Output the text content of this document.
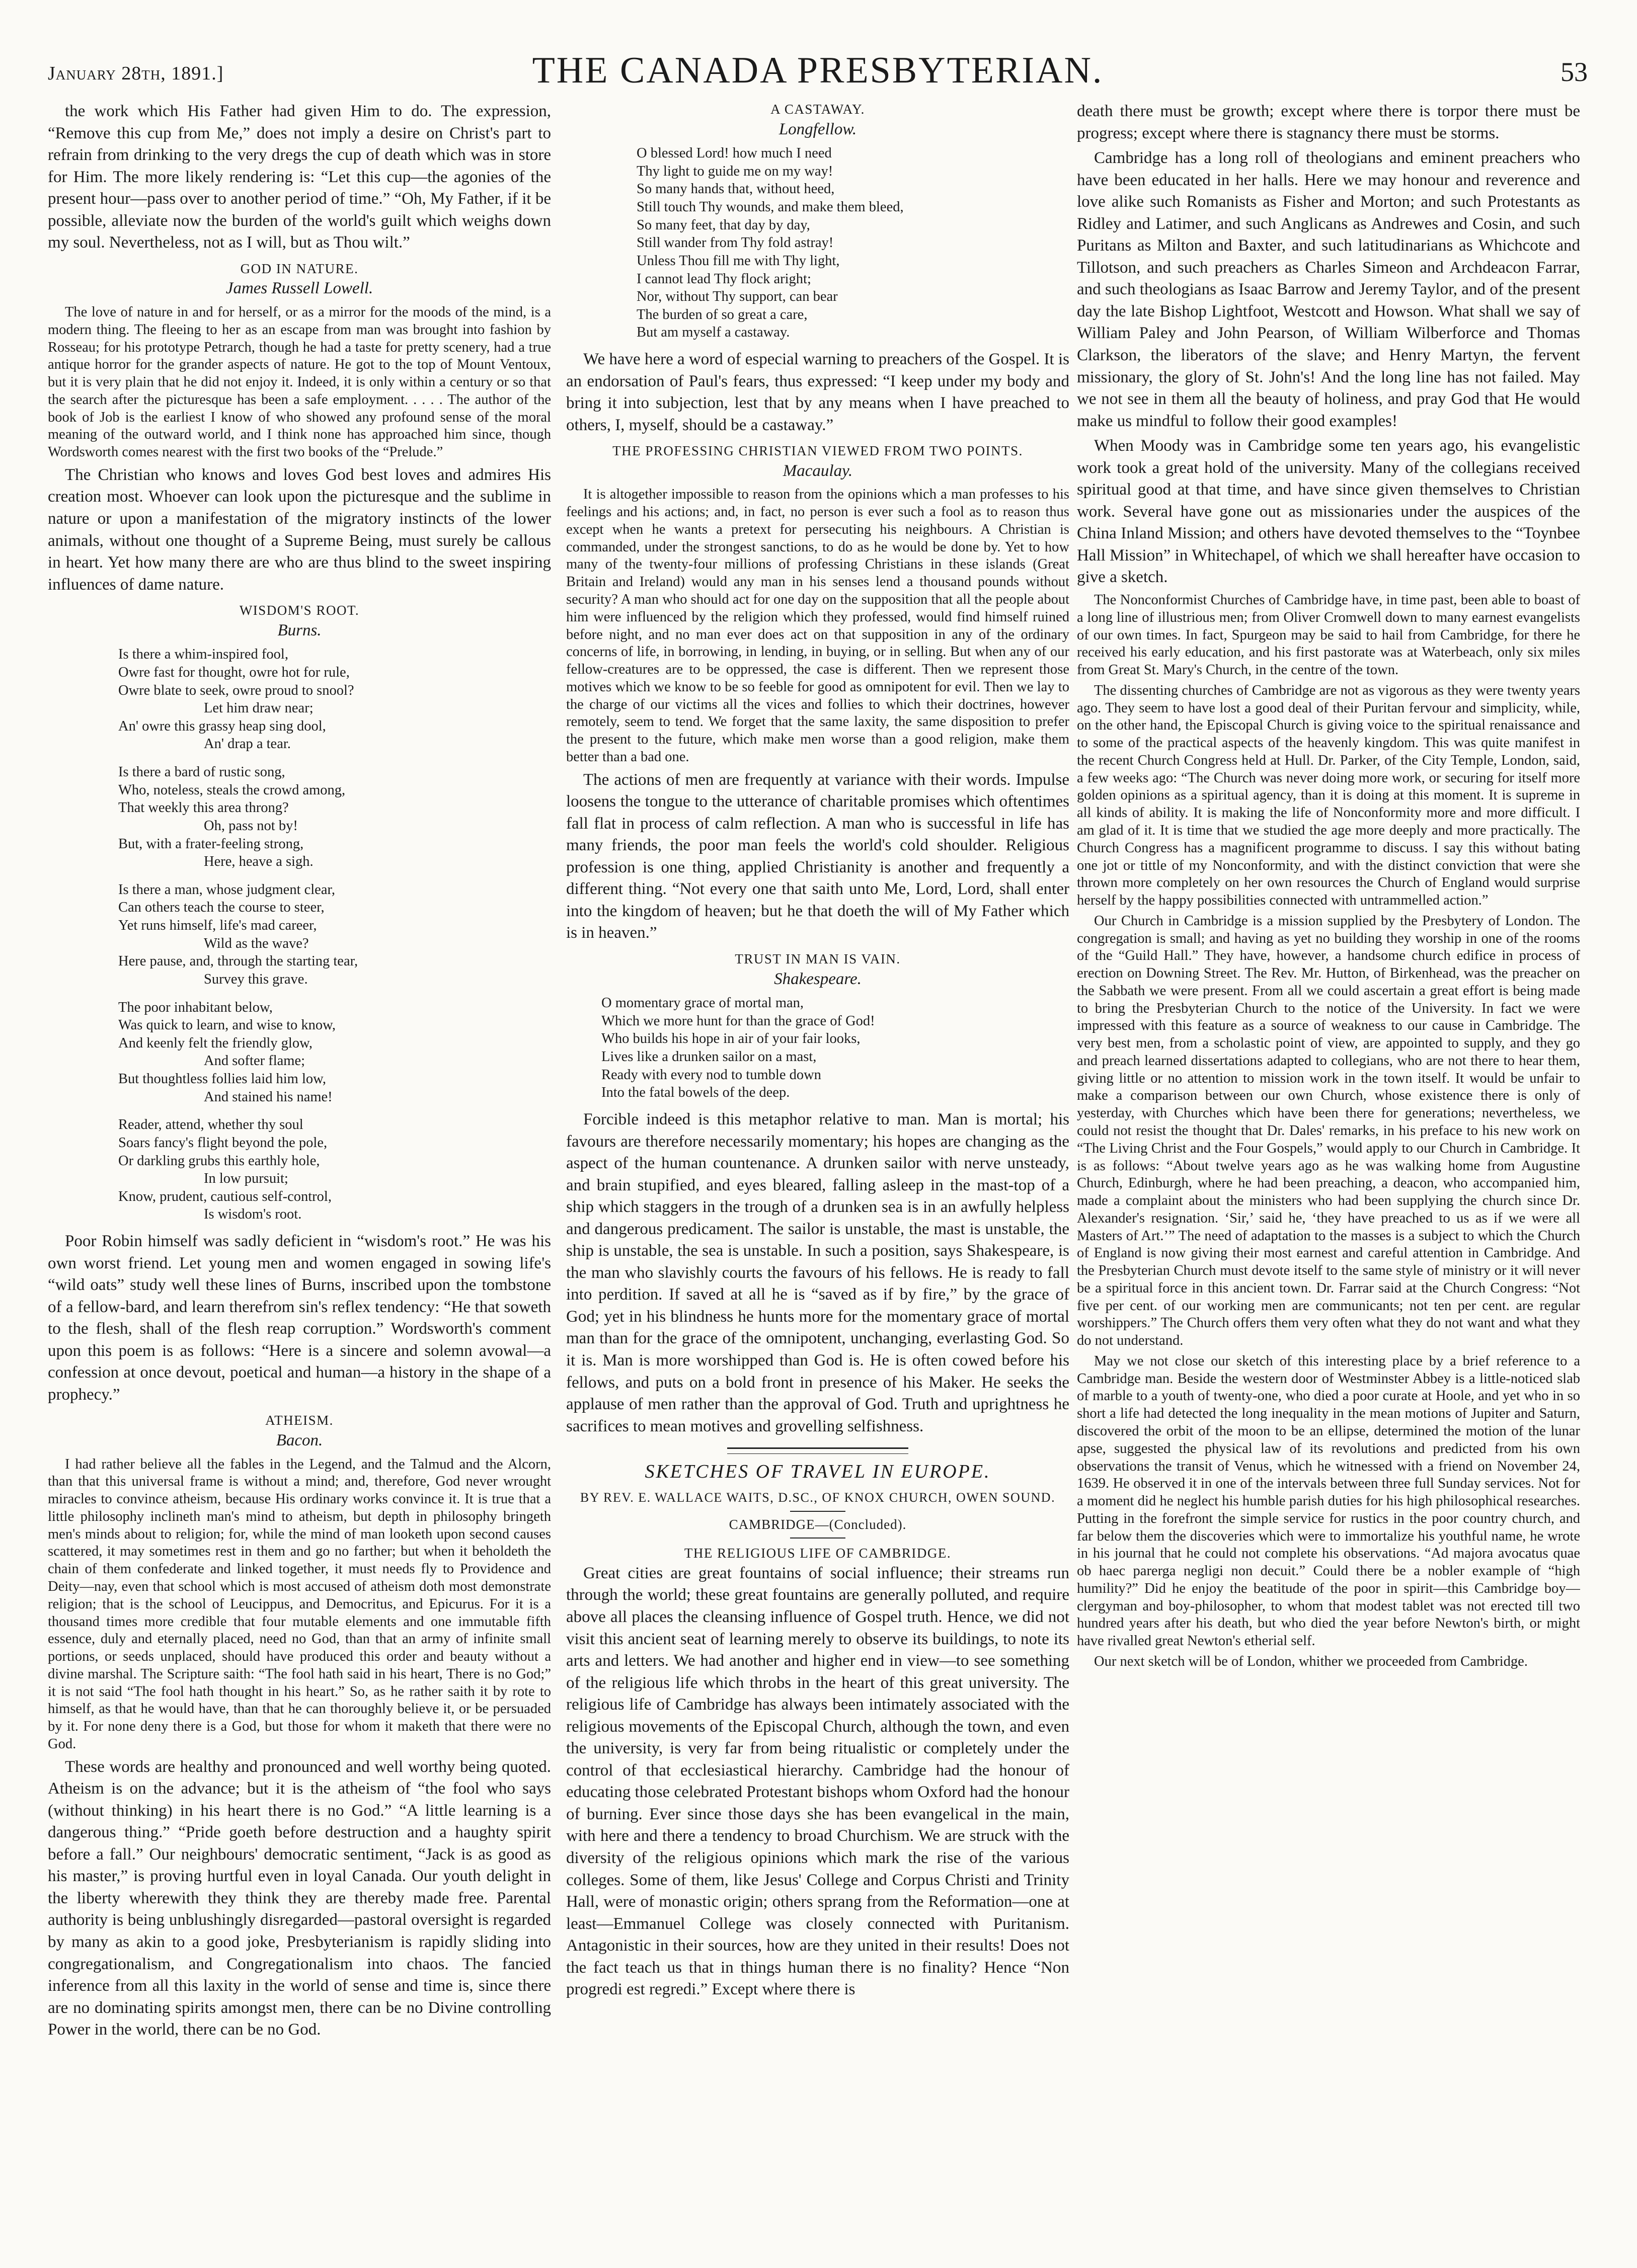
January 28th, 1891.]	THE CANADA PRESBYTERIAN.	53

the work which His Father had given Him to do. The expression, “Remove this cup from Me,” does not imply a desire on Christ's part to refrain from drinking to the very dregs the cup of death which was in store for Him. The more likely rendering is: “Let this cup—the agonies of the present hour—pass over to another period of time.” “Oh, My Father, if it be possible, alleviate now the burden of the world's guilt which weighs down my soul. Nevertheless, not as I will, but as Thou wilt.”

GOD IN NATURE.

James Russell Lowell.

The love of nature in and for herself, or as a mirror for the moods of the mind, is a modern thing. The fleeing to her as an escape from man was brought into fashion by Rosseau; for his prototype Petrarch, though he had a taste for pretty scenery, had a true antique horror for the grander aspects of nature. He got to the top of Mount Ventoux, but it is very plain that he did not enjoy it. Indeed, it is only within a century or so that the search after the picturesque has been a safe employment. . . . . The author of the book of Job is the earliest I know of who showed any profound sense of the moral meaning of the outward world, and I think none has approached him since, though Wordsworth comes nearest with the first two books of the “Prelude.”

The Christian who knows and loves God best loves and admires His creation most. Whoever can look upon the picturesque and the sublime in nature or upon a manifestation of the migratory instincts of the lower animals, without one thought of a Supreme Being, must surely be callous in heart. Yet how many there are who are thus blind to the sweet inspiring influences of dame nature.

WISDOM'S ROOT.

Burns.

Is there a whim-inspired fool,
Owre fast for thought, owre hot for rule,
Owre blate to seek, owre proud to snool?
Let him draw near;
An' owre this grassy heap sing dool,
An' drap a tear.
Is there a bard of rustic song,
Who, noteless, steals the crowd among,
That weekly this area throng?
Oh, pass not by!
But, with a frater-feeling strong,
Here, heave a sigh.
Is there a man, whose judgment clear,
Can others teach the course to steer,
Yet runs himself, life's mad career,
Wild as the wave?
Here pause, and, through the starting tear,
Survey this grave.
The poor inhabitant below,
Was quick to learn, and wise to know,
And keenly felt the friendly glow,
And softer flame;
But thoughtless follies laid him low,
And stained his name!
Reader, attend, whether thy soul
Soars fancy's flight beyond the pole,
Or darkling grubs this earthly hole,
In low pursuit;
Know, prudent, cautious self-control,
Is wisdom's root.

Poor Robin himself was sadly deficient in “wisdom's root.” He was his own worst friend. Let young men and women engaged in sowing life's “wild oats” study well these lines of Burns, inscribed upon the tombstone of a fellow-bard, and learn therefrom sin's reflex tendency: “He that soweth to the flesh, shall of the flesh reap corruption.” Wordsworth's comment upon this poem is as follows: “Here is a sincere and solemn avowal—a confession at once devout, poetical and human—a history in the shape of a prophecy.”

ATHEISM.

Bacon.

I had rather believe all the fables in the Legend, and the Talmud and the Alcorn, than that this universal frame is without a mind; and, therefore, God never wrought miracles to convince atheism, because His ordinary works convince it. It is true that a little philosophy inclineth man's mind to atheism, but depth in philosophy bringeth men's minds about to religion; for, while the mind of man looketh upon second causes scattered, it may sometimes rest in them and go no farther; but when it beholdeth the chain of them confederate and linked together, it must needs fly to Providence and Deity—nay, even that school which is most accused of atheism doth most demonstrate religion; that is the school of Leucippus, and Democritus, and Epicurus. For it is a thousand times more credible that four mutable elements and one immutable fifth essence, duly and eternally placed, need no God, than that an army of infinite small portions, or seeds unplaced, should have produced this order and beauty without a divine marshal. The Scripture saith: “The fool hath said in his heart, There is no God;” it is not said “The fool hath thought in his heart.” So, as he rather saith it by rote to himself, as that he would have, than that he can thoroughly believe it, or be persuaded by it. For none deny there is a God, but those for whom it maketh that there were no God.

These words are healthy and pronounced and well worthy being quoted. Atheism is on the advance; but it is the atheism of “the fool who says (without thinking) in his heart there is no God.” “A little learning is a dangerous thing.” “Pride goeth before destruction and a haughty spirit before a fall.” Our neighbours' democratic sentiment, “Jack is as good as his master,” is proving hurtful even in loyal Canada. Our youth delight in the liberty wherewith they think they are thereby made free. Parental authority is being unblushingly disregarded—pastoral oversight is regarded by many as akin to a good joke, Presbyterianism is rapidly sliding into congregationalism, and Congregationalism into chaos. The fancied inference from all this laxity in the world of sense and time is, since there are no dominating spirits amongst men, there can be no Divine controlling Power in the world, there can be no God.

A CASTAWAY.

Longfellow.

O blessed Lord! how much I need
Thy light to guide me on my way!
So many hands that, without heed,
Still touch Thy wounds, and make them bleed,
So many feet, that day by day,
Still wander from Thy fold astray!
Unless Thou fill me with Thy light,
I cannot lead Thy flock aright;
Nor, without Thy support, can bear
The burden of so great a care,
But am myself a castaway.

We have here a word of especial warning to preachers of the Gospel. It is an endorsation of Paul's fears, thus expressed: “I keep under my body and bring it into subjection, lest that by any means when I have preached to others, I, myself, should be a castaway.”

THE PROFESSING CHRISTIAN VIEWED FROM TWO POINTS.

Macaulay.

It is altogether impossible to reason from the opinions which a man professes to his feelings and his actions; and, in fact, no person is ever such a fool as to reason thus except when he wants a pretext for persecuting his neighbours. A Christian is commanded, under the strongest sanctions, to do as he would be done by. Yet to how many of the twenty-four millions of professing Christians in these islands (Great Britain and Ireland) would any man in his senses lend a thousand pounds without security? A man who should act for one day on the supposition that all the people about him were influenced by the religion which they professed, would find himself ruined before night, and no man ever does act on that supposition in any of the ordinary concerns of life, in borrowing, in lending, in buying, or in selling. But when any of our fellow-creatures are to be oppressed, the case is different. Then we represent those motives which we know to be so feeble for good as omnipotent for evil. Then we lay to the charge of our victims all the vices and follies to which their doctrines, however remotely, seem to tend. We forget that the same laxity, the same disposition to prefer the present to the future, which make men worse than a good religion, make them better than a bad one.

The actions of men are frequently at variance with their words. Impulse loosens the tongue to the utterance of charitable promises which oftentimes fall flat in process of calm reflection. A man who is successful in life has many friends, the poor man feels the world's cold shoulder. Religious profession is one thing, applied Christianity is another and frequently a different thing. “Not every one that saith unto Me, Lord, Lord, shall enter into the kingdom of heaven; but he that doeth the will of My Father which is in heaven.”

TRUST IN MAN IS VAIN.

Shakespeare.

O momentary grace of mortal man,
Which we more hunt for than the grace of God!
Who builds his hope in air of your fair looks,
Lives like a drunken sailor on a mast,
Ready with every nod to tumble down
Into the fatal bowels of the deep.

Forcible indeed is this metaphor relative to man. Man is mortal; his favours are therefore necessarily momentary; his hopes are changing as the aspect of the human countenance. A drunken sailor with nerve unsteady, and brain stupified, and eyes bleared, falling asleep in the mast-top of a ship which staggers in the trough of a drunken sea is in an awfully helpless and dangerous predicament. The sailor is unstable, the mast is unstable, the ship is unstable, the sea is unstable. In such a position, says Shakespeare, is the man who slavishly courts the favours of his fellows. He is ready to fall into perdition. If saved at all he is “saved as if by fire,” by the grace of God; yet in his blindness he hunts more for the momentary grace of mortal man than for the grace of the omnipotent, unchanging, everlasting God. So it is. Man is more worshipped than God is. He is often cowed before his fellows, and puts on a bold front in presence of his Maker. He seeks the applause of men rather than the approval of God. Truth and uprightness he sacrifices to mean motives and grovelling selfishness.

SKETCHES OF TRAVEL IN EUROPE.

BY REV. E. WALLACE WAITS, D.SC., OF KNOX CHURCH, OWEN SOUND.

CAMBRIDGE—(Concluded).

THE RELIGIOUS LIFE OF CAMBRIDGE.

Great cities are great fountains of social influence; their streams run through the world; these great fountains are generally polluted, and require above all places the cleansing influence of Gospel truth. Hence, we did not visit this ancient seat of learning merely to observe its buildings, to note its arts and letters. We had another and higher end in view—to see something of the religious life which throbs in the heart of this great university. The religious life of Cambridge has always been intimately associated with the religious movements of the Episcopal Church, although the town, and even the university, is very far from being ritualistic or completely under the control of that ecclesiastical hierarchy. Cambridge had the honour of educating those celebrated Protestant bishops whom Oxford had the honour of burning. Ever since those days she has been evangelical in the main, with here and there a tendency to broad Churchism. We are struck with the diversity of the religious opinions which mark the rise of the various colleges. Some of them, like Jesus' College and Corpus Christi and Trinity Hall, were of monastic origin; others sprang from the Reformation—one at least—Emmanuel College was closely connected with Puritanism. Antagonistic in their sources, how are they united in their results! Does not the fact teach us that in things human there is no finality? Hence “Non progredi est regredi.” Except where there is

death there must be growth; except where there is torpor there must be progress; except where there is stagnancy there must be storms.

Cambridge has a long roll of theologians and eminent preachers who have been educated in her halls. Here we may honour and reverence and love alike such Romanists as Fisher and Morton; and such Protestants as Ridley and Latimer, and such Anglicans as Andrewes and Cosin, and such Puritans as Milton and Baxter, and such latitudinarians as Whichcote and Tillotson, and such preachers as Charles Simeon and Archdeacon Farrar, and such theologians as Isaac Barrow and Jeremy Taylor, and of the present day the late Bishop Lightfoot, Westcott and Howson. What shall we say of William Paley and John Pearson, of William Wilberforce and Thomas Clarkson, the liberators of the slave; and Henry Martyn, the fervent missionary, the glory of St. John's! And the long line has not failed. May we not see in them all the beauty of holiness, and pray God that He would make us mindful to follow their good examples!

When Moody was in Cambridge some ten years ago, his evangelistic work took a great hold of the university. Many of the collegians received spiritual good at that time, and have since given themselves to Christian work. Several have gone out as missionaries under the auspices of the China Inland Mission; and others have devoted themselves to the “Toynbee Hall Mission” in Whitechapel, of which we shall hereafter have occasion to give a sketch.

The Nonconformist Churches of Cambridge have, in time past, been able to boast of a long line of illustrious men; from Oliver Cromwell down to many earnest evangelists of our own times. In fact, Spurgeon may be said to hail from Cambridge, for there he received his early education, and his first pastorate was at Waterbeach, only six miles from Great St. Mary's Church, in the centre of the town.

The dissenting churches of Cambridge are not as vigorous as they were twenty years ago. They seem to have lost a good deal of their Puritan fervour and simplicity, while, on the other hand, the Episcopal Church is giving voice to the spiritual renaissance and to some of the practical aspects of the heavenly kingdom. This was quite manifest in the recent Church Congress held at Hull. Dr. Parker, of the City Temple, London, said, a few weeks ago: “The Church was never doing more work, or securing for itself more golden opinions as a spiritual agency, than it is doing at this moment. It is supreme in all kinds of ability. It is making the life of Nonconformity more and more difficult. I am glad of it. It is time that we studied the age more deeply and more practically. The Church Congress has a magnificent programme to discuss. I say this without bating one jot or tittle of my Nonconformity, and with the distinct conviction that were she thrown more completely on her own resources the Church of England would surprise herself by the happy possibilities connected with untrammelled action.”

Our Church in Cambridge is a mission supplied by the Presbytery of London. The congregation is small; and having as yet no building they worship in one of the rooms of the “Guild Hall.” They have, however, a handsome church edifice in process of erection on Downing Street. The Rev. Mr. Hutton, of Birkenhead, was the preacher on the Sabbath we were present. From all we could ascertain a great effort is being made to bring the Presbyterian Church to the notice of the University. In fact we were impressed with this feature as a source of weakness to our cause in Cambridge. The very best men, from a scholastic point of view, are appointed to supply, and they go and preach learned dissertations adapted to collegians, who are not there to hear them, giving little or no attention to mission work in the town itself. It would be unfair to make a comparison between our own Church, whose existence there is only of yesterday, with Churches which have been there for generations; nevertheless, we could not resist the thought that Dr. Dales' remarks, in his preface to his new work on “The Living Christ and the Four Gospels,” would apply to our Church in Cambridge. It is as follows: “About twelve years ago as he was walking home from Augustine Church, Edinburgh, where he had been preaching, a deacon, who accompanied him, made a complaint about the ministers who had been supplying the church since Dr. Alexander's resignation. ‘Sir,’ said he, ‘they have preached to us as if we were all Masters of Art.’” The need of adaptation to the masses is a subject to which the Church of England is now giving their most earnest and careful attention in Cambridge. And the Presbyterian Church must devote itself to the same style of ministry or it will never be a spiritual force in this ancient town. Dr. Farrar said at the Church Congress: “Not five per cent. of our working men are communicants; not ten per cent. are regular worshippers.” The Church offers them very often what they do not want and what they do not understand.

May we not close our sketch of this interesting place by a brief reference to a Cambridge man. Beside the western door of Westminster Abbey is a little-noticed slab of marble to a youth of twenty-one, who died a poor curate at Hoole, and yet who in so short a life had detected the long inequality in the mean motions of Jupiter and Saturn, discovered the orbit of the moon to be an ellipse, determined the motion of the lunar apse, suggested the physical law of its revolutions and predicted from his own observations the transit of Venus, which he witnessed with a friend on November 24, 1639. He observed it in one of the intervals between three full Sunday services. Not for a moment did he neglect his humble parish duties for his high philosophical researches. Putting in the forefront the simple service for rustics in the poor country church, and far below them the discoveries which were to immortalize his youthful name, he wrote in his journal that he could not complete his observations. “Ad majora avocatus quae ob haec parerga negligi non decuit.” Could there be a nobler example of “high humility?” Did he enjoy the beatitude of the poor in spirit—this Cambridge boy—clergyman and boy-philosopher, to whom that modest tablet was not erected till two hundred years after his death, but who died the year before Newton's birth, or might have rivalled great Newton's etherial self.

Our next sketch will be of London, whither we proceeded from Cambridge.
